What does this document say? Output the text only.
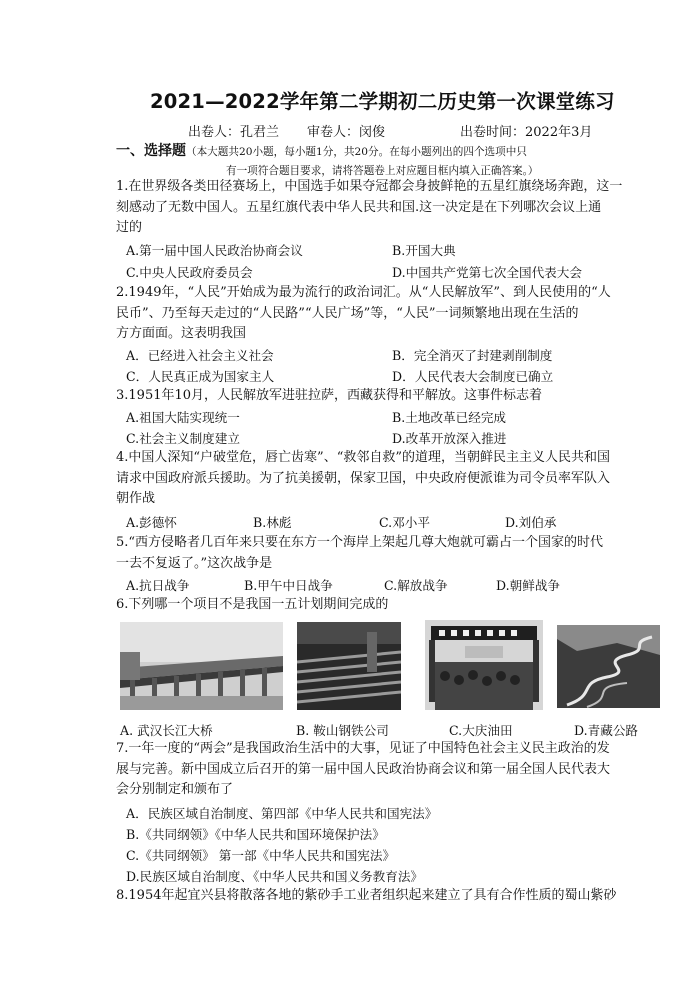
2021—2022学年第二学期初二历史第一次课堂练习
出卷人：孔君兰 审卷人：闵俊	出卷时间：2022年3月
一、选择题（本大题共20小题，每小题1分，共20分。在每小题列出的四个选项中只
有一项符合题目要求，请将答题卷上对应题目框内填入正确答案。）

1.在世界级各类田径赛场上，中国选手如果夺冠都会身披鲜艳的五星红旗绕场奔跑，这一

刻感动了无数中国人。五星红旗代表中华人民共和国.这一决定是在下列哪次会议上通

过的

A.第一届中国人民政治协商会议	B.开国大典
C.中央人民政府委员会	D.中国共产党第七次全国代表大会

2.1949年，“人民”开始成为最为流行的政治词汇。从“人民解放军”、到人民使用的“人

民币”、乃至每天走过的“人民路”“人民广场”等，“人民”一词频繁地出现在生活的

方方面面。这表明我国

A．已经进入社会主义社会	B．完全消灭了封建剥削制度
C．人民真正成为国家主人	D．人民代表大会制度已确立

3.1951年10月，人民解放军进驻拉萨，西藏获得和平解放。这事件标志着

A.祖国大陆实现统一	B.土地改革已经完成
C.社会主义制度建立	D.改革开放深入推进

4.中国人深知“户破堂危，唇亡齿寒”、“救邻自救”的道理，当朝鲜民主主义人民共和国

请求中国政府派兵援助。为了抗美援朝，保家卫国，中央政府便派谁为司令员率军队入

朝作战

A.彭德怀	B.林彪	C.邓小平	D.刘伯承

5.“西方侵略者几百年来只要在东方一个海岸上架起几尊大炮就可霸占一个国家的时代

一去不复返了。”这次战争是

A.抗日战争	B.甲午中日战争	C.解放战争	D.朝鲜战争

6.下列哪一个项目不是我国一五计划期间完成的

A. 武汉长江大桥	B. 鞍山钢铁公司	C.大庆油田	D.青藏公路

7.一年一度的“两会”是我国政治生活中的大事，见证了中国特色社会主义民主政治的发

展与完善。新中国成立后召开的第一届中国人民政治协商会议和第一届全国人民代表大

会分别制定和颁布了

A．民族区域自治制度、第四部《中华人民共和国宪法》
B.《共同纲领》《中华人民共和国环境保护法》
C.《共同纲领》 第一部《中华人民共和国宪法》
D.民族区域自治制度、《中华人民共和国义务教育法》

8.1954年起宜兴县将散落各地的紫砂手工业者组织起来建立了具有合作性质的蜀山紫砂
